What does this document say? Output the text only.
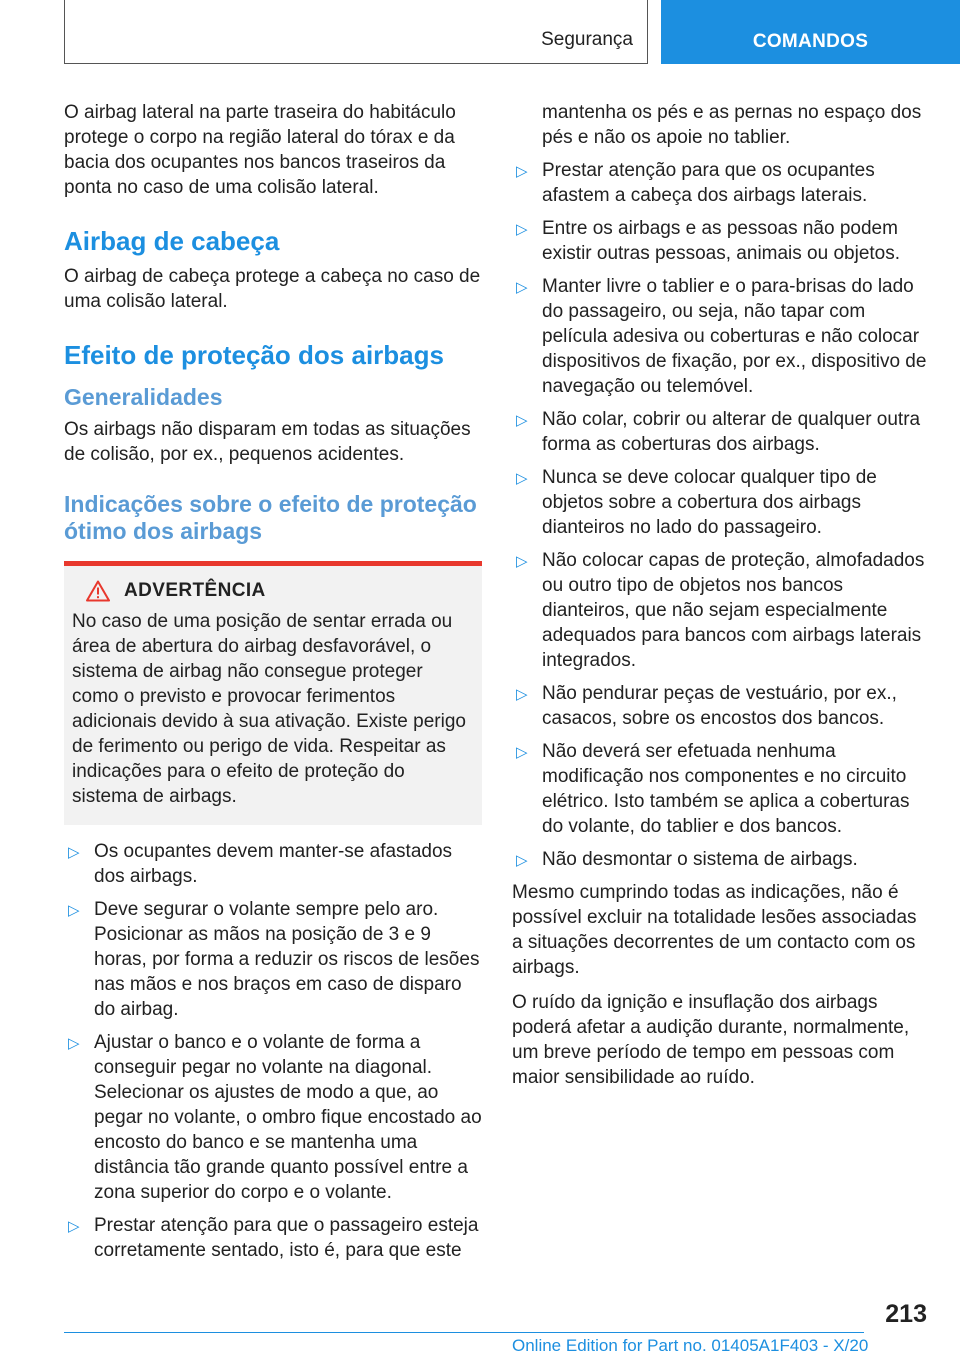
Segurança	COMANDOS

O airbag lateral na parte traseira do habitáculo protege o corpo na região lateral do tórax e da bacia dos ocupantes nos bancos traseiros da ponta no caso de uma colisão lateral.

Airbag de cabeça

O airbag de cabeça protege a cabeça no caso de uma colisão lateral.

Efeito de proteção dos airbags
Generalidades

Os airbags não disparam em todas as situações de colisão, por ex., pequenos acidentes.

Indicações sobre o efeito de proteção ótimo dos airbags
ADVERTÊNCIA
No caso de uma posição de sentar errada ou área de abertura do airbag desfavorável, o sistema de airbag não consegue proteger como o previsto e provocar ferimentos adicionais devido à sua ativação. Existe perigo de ferimento ou perigo de vida. Respeitar as indicações para o efeito de proteção do sistema de airbags.
▷ Os ocupantes devem manter-se afastados dos airbags.
▷ Deve segurar o volante sempre pelo aro. Posicionar as mãos na posição de 3 e 9 horas, por forma a reduzir os riscos de lesões nas mãos e nos braços em caso de disparo do airbag.
▷ Ajustar o banco e o volante de forma a conseguir pegar no volante na diagonal. Selecionar os ajustes de modo a que, ao pegar no volante, o ombro fique encostado ao encosto do banco e se mantenha uma distância tão grande quanto possível entre a zona superior do corpo e o volante.
▷ Prestar atenção para que o passageiro esteja corretamente sentado, isto é, para que este
mantenha os pés e as pernas no espaço dos pés e não os apoie no tablier.
▷ Prestar atenção para que os ocupantes afastem a cabeça dos airbags laterais.
▷ Entre os airbags e as pessoas não podem existir outras pessoas, animais ou objetos.
▷ Manter livre o tablier e o para-brisas do lado do passageiro, ou seja, não tapar com película adesiva ou coberturas e não colocar dispositivos de fixação, por ex., dispositivo de navegação ou telemóvel.
▷ Não colar, cobrir ou alterar de qualquer outra forma as coberturas dos airbags.
▷ Nunca se deve colocar qualquer tipo de objetos sobre a cobertura dos airbags dianteiros no lado do passageiro.
▷ Não colocar capas de proteção, almofadados ou outro tipo de objetos nos bancos dianteiros, que não sejam especialmente adequados para bancos com airbags laterais integrados.
▷ Não pendurar peças de vestuário, por ex., casacos, sobre os encostos dos bancos.
▷ Não deverá ser efetuada nenhuma modificação nos componentes e no circuito elétrico. Isto também se aplica a coberturas do volante, do tablier e dos bancos.
▷ Não desmontar o sistema de airbags.

Mesmo cumprindo todas as indicações, não é possível excluir na totalidade lesões associadas a situações decorrentes de um contacto com os airbags.

O ruído da ignição e insuflação dos airbags poderá afetar a audição durante, normalmente, um breve período de tempo em pessoas com maior sensibilidade ao ruído.

213
Online Edition for Part no. 01405A1F403 - X/20
